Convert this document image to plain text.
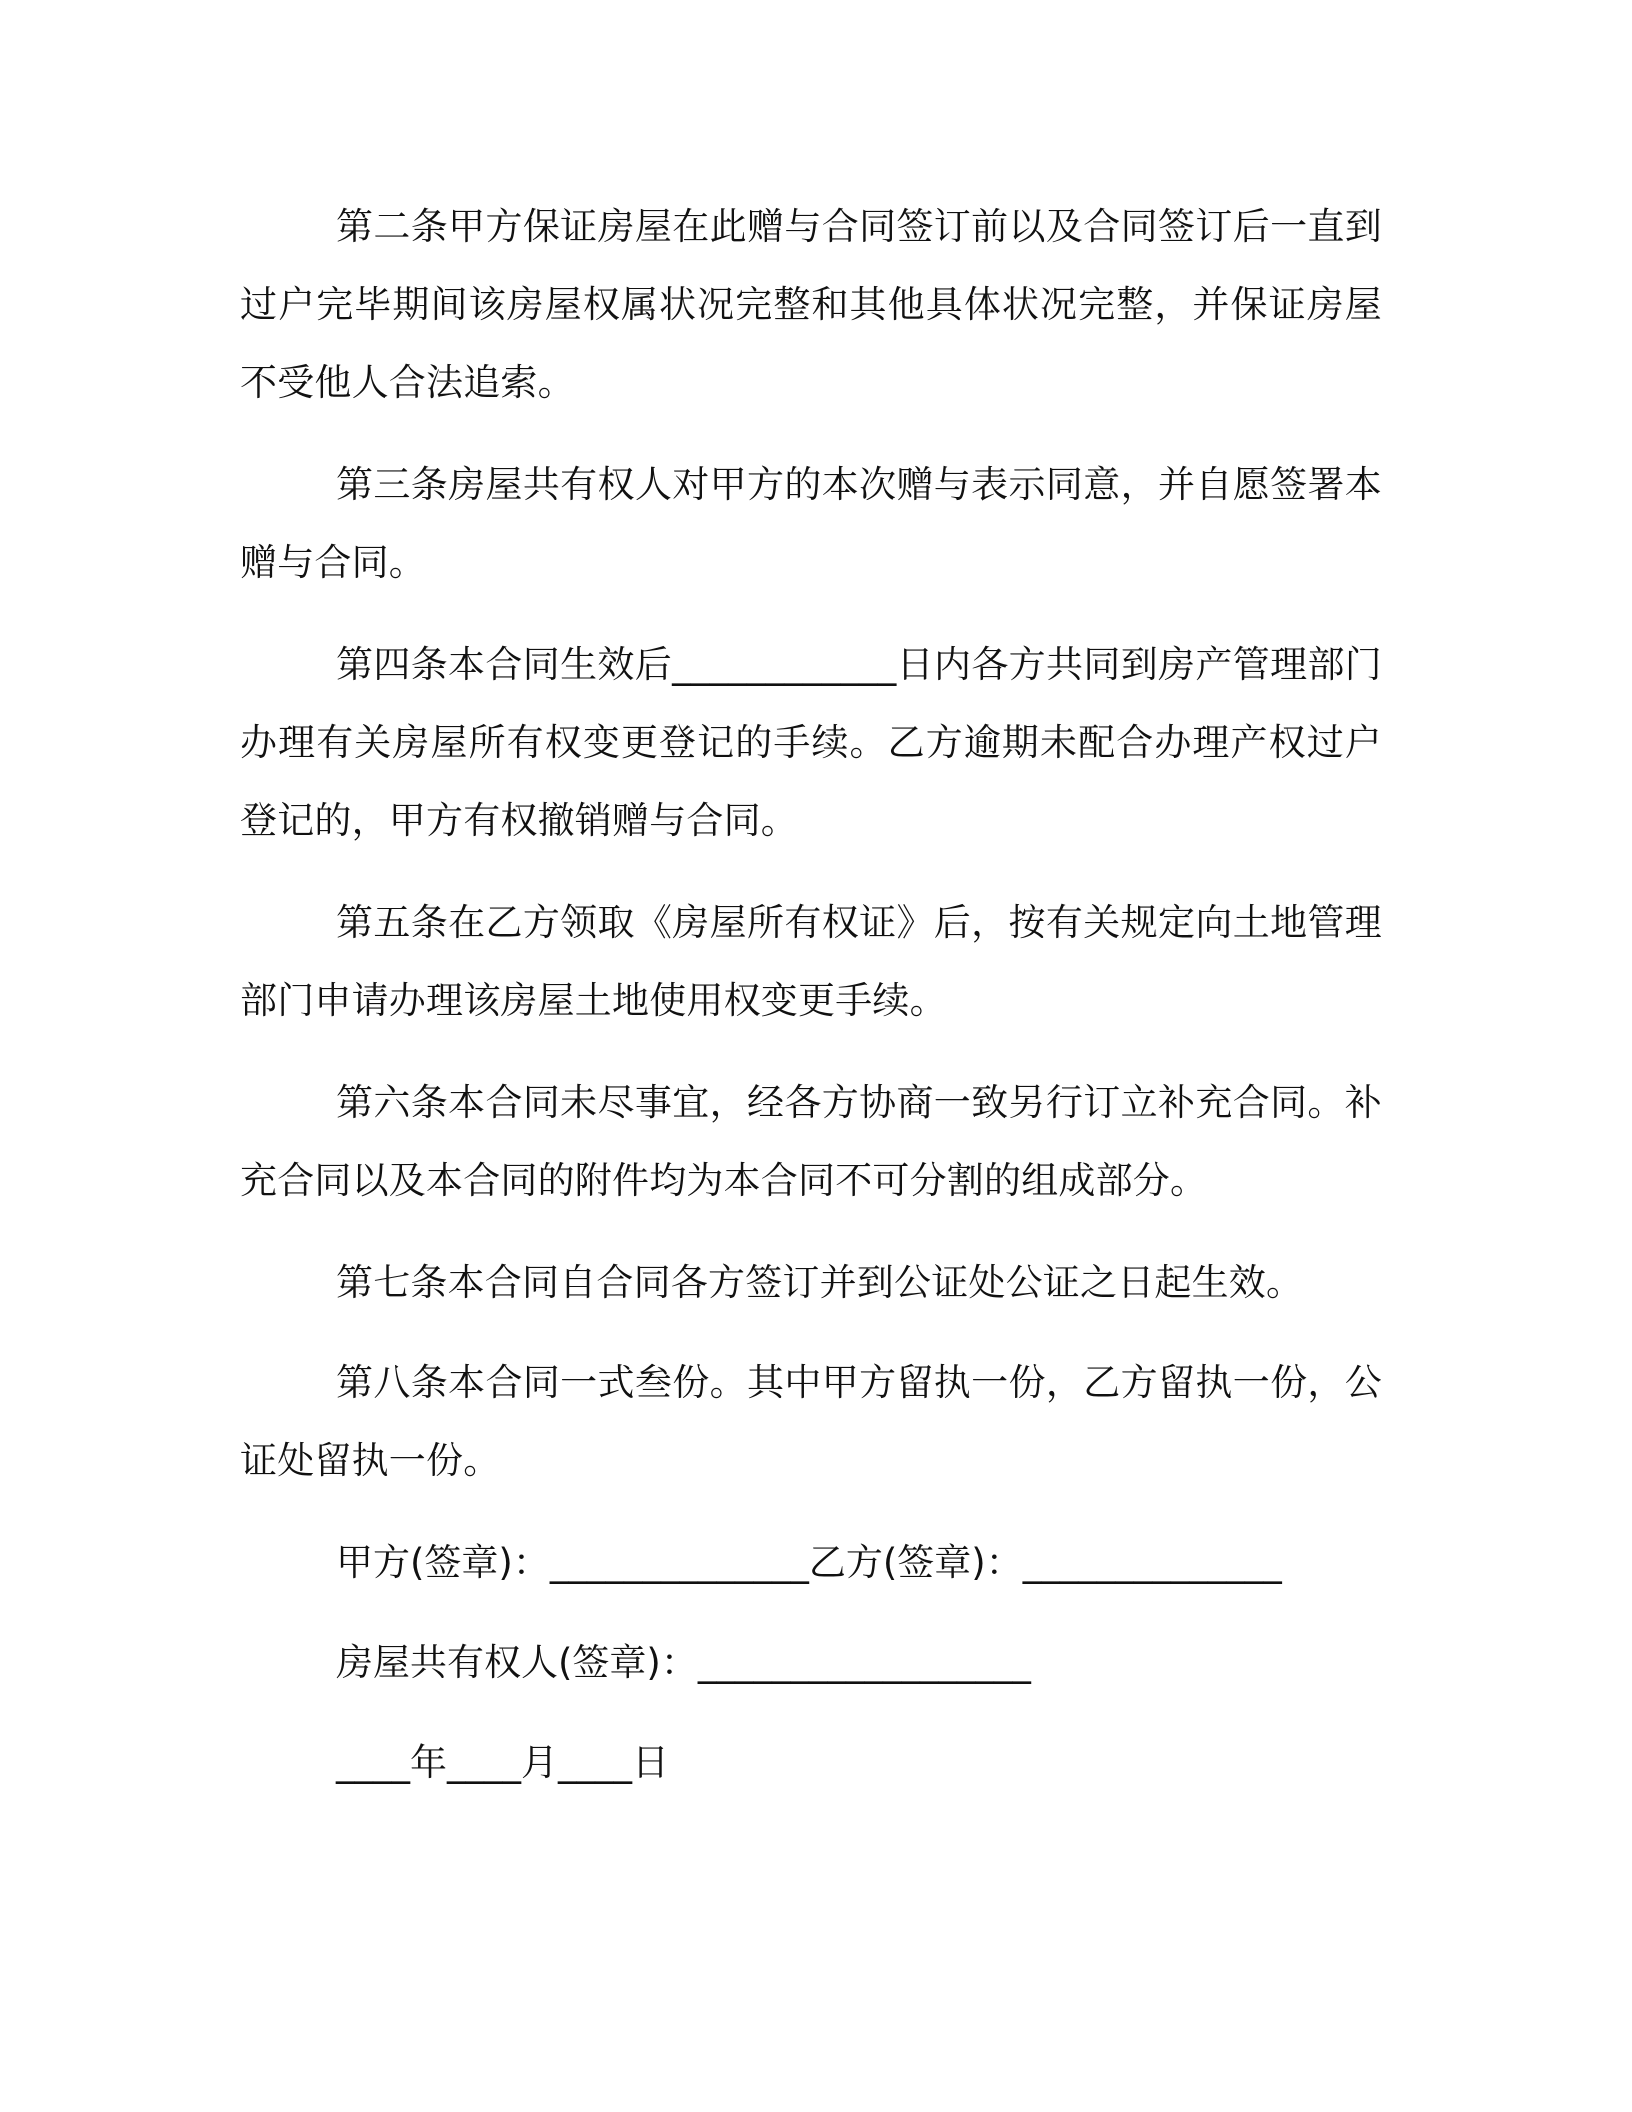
第二条甲方保证房屋在此赠与合同签订前以及合同签订后一直到过户完毕期间该房屋权属状况完整和其他具体状况完整，并保证房屋不受他人合法追索。

第三条房屋共有权人对甲方的本次赠与表示同意，并自愿签署本赠与合同。

第四条本合同生效后____________日内各方共同到房产管理部门办理有关房屋所有权变更登记的手续。乙方逾期未配合办理产权过户登记的，甲方有权撤销赠与合同。

第五条在乙方领取《房屋所有权证》后，按有关规定向土地管理部门申请办理该房屋土地使用权变更手续。

第六条本合同未尽事宜，经各方协商一致另行订立补充合同。补充合同以及本合同的附件均为本合同不可分割的组成部分。

第七条本合同自合同各方签订并到公证处公证之日起生效。

第八条本合同一式叁份。其中甲方留执一份，乙方留执一份，公证处留执一份。

甲方(签章)：______________乙方(签章)：______________
房屋共有权人(签章)：__________________
____年____月____日
